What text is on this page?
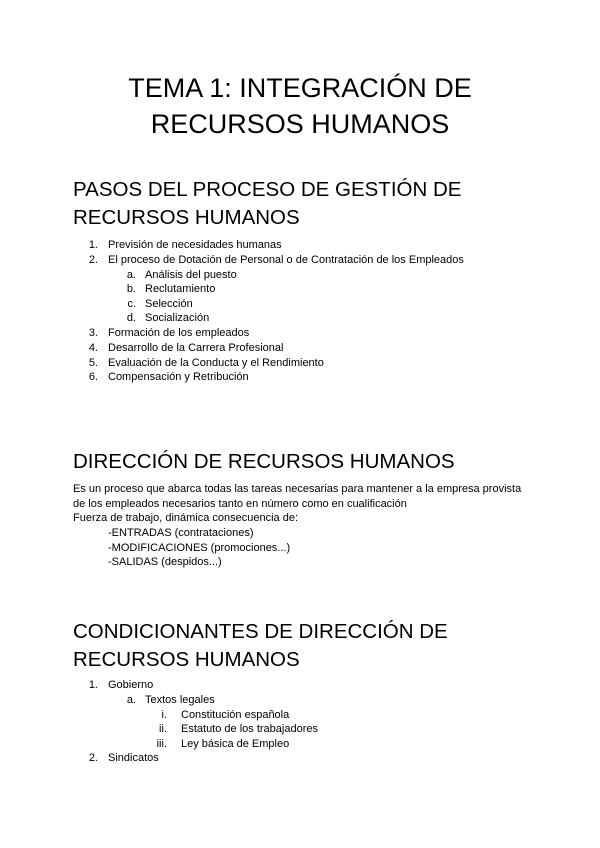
TEMA 1: INTEGRACIÓN DE
RECURSOS HUMANOS
PASOS DEL PROCESO DE GESTIÓN DE
RECURSOS HUMANOS
1. Previsión de necesidades humanas
2. El proceso de Dotación de Personal o de Contratación de los Empleados
a. Análisis del puesto
b. Reclutamiento
c. Selección
d. Socialización
3. Formación de los empleados
4. Desarrollo de la Carrera Profesional
5. Evaluación de la Conducta y el Rendimiento
6. Compensación y Retribución
DIRECCIÓN DE RECURSOS HUMANOS
Es un proceso que abarca todas las tareas necesarias para mantener a la empresa provista
de los empleados necesarios tanto en número como en cualificación
Fuerza de trabajo, dinámica consecuencia de:
-ENTRADAS (contrataciones)
-MODIFICACIONES (promociones...)
-SALIDAS (despidos...)
CONDICIONANTES DE DIRECCIÓN DE
RECURSOS HUMANOS
1. Gobierno
a. Textos legales
i. Constitución española
ii. Estatuto de los trabajadores
iii. Ley básica de Empleo
2. Sindicatos
